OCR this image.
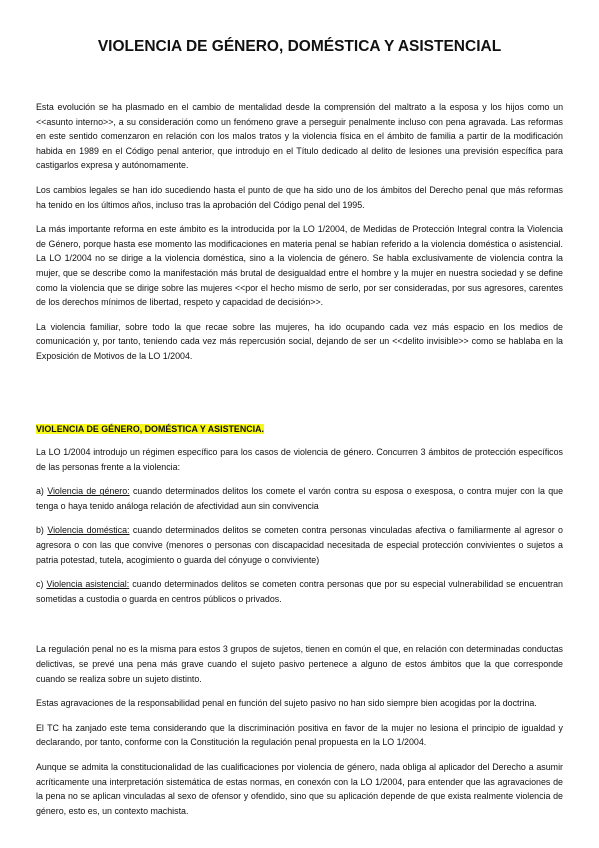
VIOLENCIA DE GÉNERO, DOMÉSTICA Y ASISTENCIAL

Esta evolución se ha plasmado en el cambio de mentalidad desde la comprensión del maltrato a la esposa y los hijos como un <<asunto interno>>, a su consideración como un fenómeno grave a perseguir penalmente incluso con pena agravada. Las reformas en este sentido comenzaron en relación con los malos tratos y la violencia física en el ámbito de familia a partir de la modificación habida en 1989 en el Código penal anterior, que introdujo en el Título dedicado al delito de lesiones una previsión específica para castigarlos expresa y autónomamente.

Los cambios legales se han ido sucediendo hasta el punto de que ha sido uno de los ámbitos del Derecho penal que más reformas ha tenido en los últimos años, incluso tras la aprobación del Código penal del 1995.

La más importante reforma en este ámbito es la introducida por la LO 1/2004, de Medidas de Protección Integral contra la Violencia de Género, porque hasta ese momento las modificaciones en materia penal se habían referido a la violencia doméstica o asistencial. La LO 1/2004 no se dirige a la violencia doméstica, sino a la violencia de género. Se habla exclusivamente de violencia contra la mujer, que se describe como la manifestación más brutal de desigualdad entre el hombre y la mujer en nuestra sociedad y se define como la violencia que se dirige sobre las mujeres <<por el hecho mismo de serlo, por ser consideradas, por sus agresores, carentes de los derechos mínimos de libertad, respeto y capacidad de decisión>>.

La violencia familiar, sobre todo la que recae sobre las mujeres, ha ido ocupando cada vez más espacio en los medios de comunicación y, por tanto, teniendo cada vez más repercusión social, dejando de ser un <<delito invisible>> como se hablaba en la Exposición de Motivos de la LO 1/2004.

VIOLENCIA DE GÉNERO, DOMÉSTICA Y ASISTENCIA.

La LO 1/2004 introdujo un régimen específico para los casos de violencia de género. Concurren 3 ámbitos de protección específicos de las personas frente a la violencia:

a) Violencia de género: cuando determinados delitos los comete el varón contra su esposa o exesposa, o contra mujer con la que tenga o haya tenido análoga relación de afectividad aun sin convivencia

b) Violencia doméstica: cuando determinados delitos se cometen contra personas vinculadas afectiva o familiarmente al agresor o agresora o con las que convive (menores o personas con discapacidad necesitada de especial protección convivientes o sujetos a patria potestad, tutela, acogimiento o guarda del cónyuge o conviviente)

c) Violencia asistencial: cuando determinados delitos se cometen contra personas que por su especial vulnerabilidad se encuentran sometidas a custodia o guarda en centros públicos o privados.

La regulación penal no es la misma para estos 3 grupos de sujetos, tienen en común el que, en relación con determinadas conductas delictivas, se prevé una pena más grave cuando el sujeto pasivo pertenece a alguno de estos ámbitos que la que corresponde cuando se realiza sobre un sujeto distinto.

Estas agravaciones de la responsabilidad penal en función del sujeto pasivo no han sido siempre bien acogidas por la doctrina.

El TC ha zanjado este tema considerando que la discriminación positiva en favor de la mujer no lesiona el principio de igualdad y declarando, por tanto, conforme con la Constitución la regulación penal propuesta en la LO 1/2004.

Aunque se admita la constitucionalidad de las cualificaciones por violencia de género, nada obliga al aplicador del Derecho a asumir acríticamente una interpretación sistemática de estas normas, en conexón con la LO 1/2004, para entender que las agravaciones de la pena no se aplican vinculadas al sexo de ofensor y ofendido, sino que su aplicación depende de que exista realmente violencia de género, esto es, un contexto machista.
